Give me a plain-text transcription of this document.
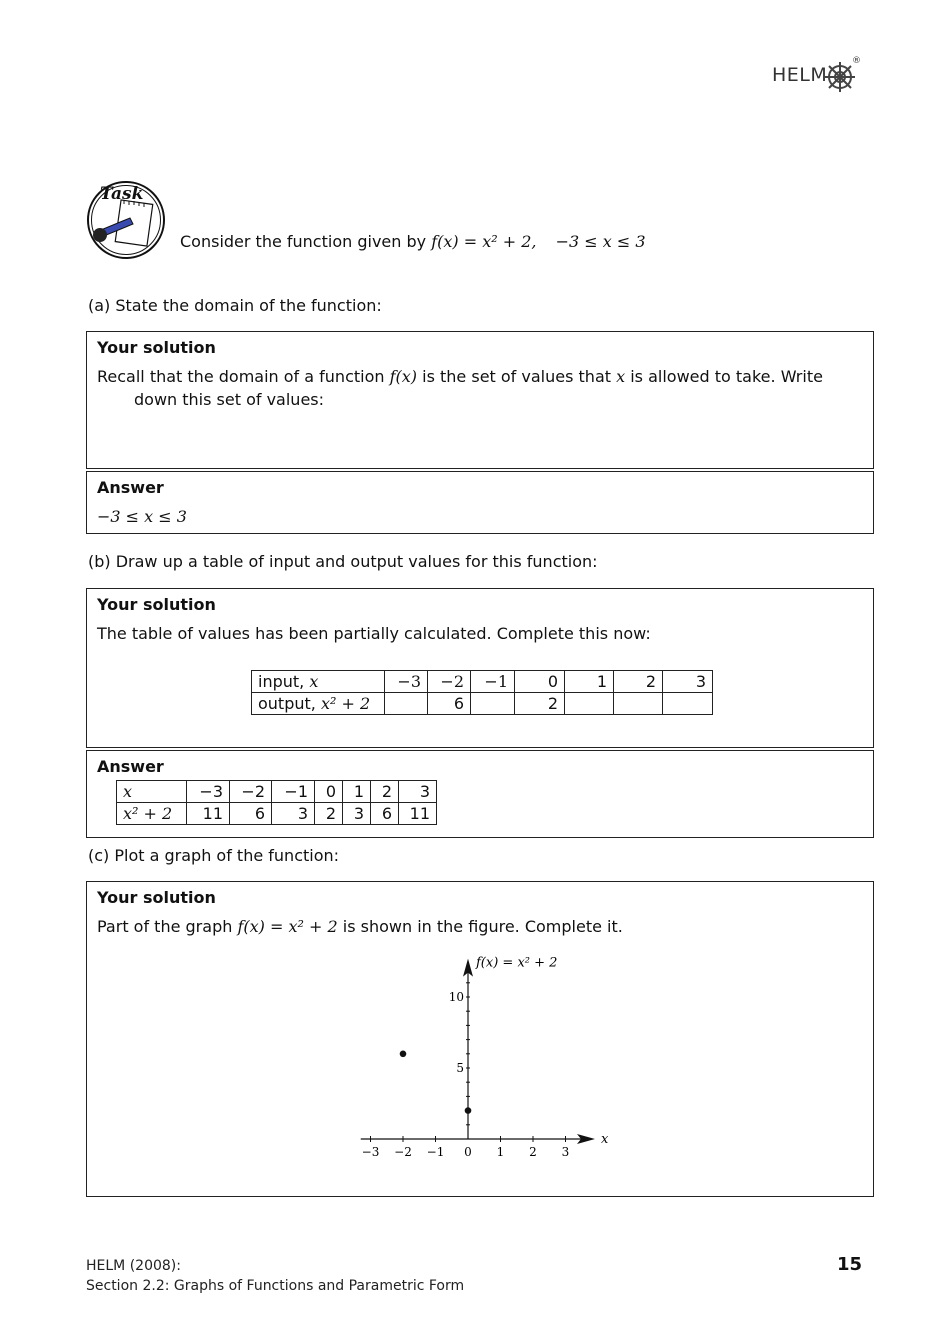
HELM
®
Task
Consider the function given by f(x) = x² + 2, −3 ≤ x ≤ 3
(a) State the domain of the function:
Your solution
Recall that the domain of a function f(x) is the set of values that x is allowed to take. Write
down this set of values:
Answer
−3 ≤ x ≤ 3
(b) Draw up a table of input and output values for this function:
Your solution
The table of values has been partially calculated. Complete this now:
input, x	−3	−2	−1	0	1	2	3
output, x² + 2		6		2			
Answer
x	−3	−2	−1	0	1	2	3
x² + 2	11	6	3	2	3	6	11
(c) Plot a graph of the function:
Your solution
Part of the graph f(x) = x² + 2 is shown in the figure. Complete it.
−3 −2 −1 0 1 2 3
5
10
f(x) = x² + 2
x
HELM (2008):
Section 2.2: Graphs of Functions and Parametric Form
15
